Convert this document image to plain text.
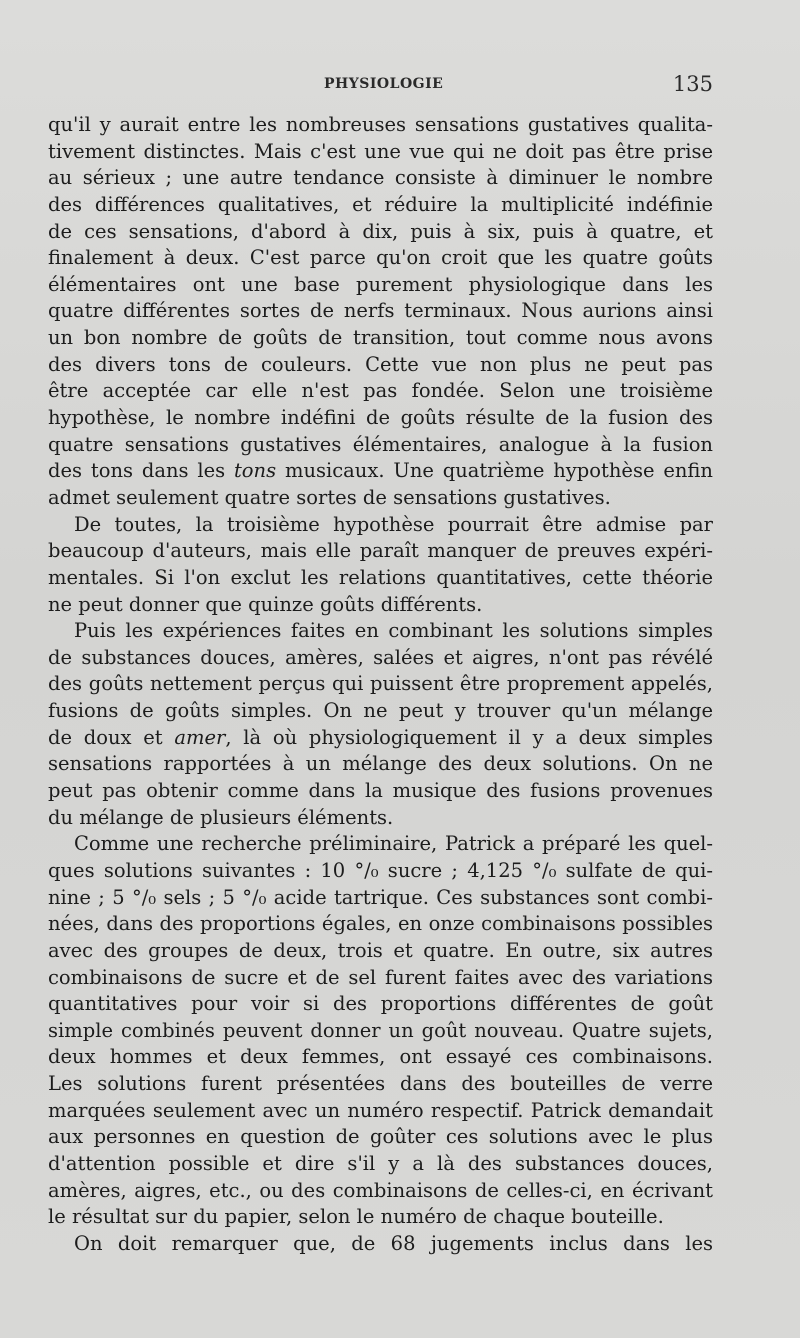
PHYSIOLOGIE	135
qu'il y aurait entre les nombreuses sensations gustatives qualita-
tivement distinctes. Mais c'est une vue qui ne doit pas être prise
au sérieux ; une autre tendance consiste à diminuer le nombre
des différences qualitatives, et réduire la multiplicité indéfinie
de ces sensations, d'abord à dix, puis à six, puis à quatre, et
finalement à deux. C'est parce qu'on croit que les quatre goûts
élémentaires ont une base purement physiologique dans les
quatre différentes sortes de nerfs terminaux. Nous aurions ainsi
un bon nombre de goûts de transition, tout comme nous avons
des divers tons de couleurs. Cette vue non plus ne peut pas
être acceptée car elle n'est pas fondée. Selon une troisième
hypothèse, le nombre indéfini de goûts résulte de la fusion des
quatre sensations gustatives élémentaires, analogue à la fusion
des tons dans les tons musicaux. Une quatrième hypothèse enfin
admet seulement quatre sortes de sensations gustatives.
De toutes, la troisième hypothèse pourrait être admise par
beaucoup d'auteurs, mais elle paraît manquer de preuves expéri-
mentales. Si l'on exclut les relations quantitatives, cette théorie
ne peut donner que quinze goûts différents.
Puis les expériences faites en combinant les solutions simples
de substances douces, amères, salées et aigres, n'ont pas révélé
des goûts nettement perçus qui puissent être proprement appelés,
fusions de goûts simples. On ne peut y trouver qu'un mélange
de doux et amer, là où physiologiquement il y a deux simples
sensations rapportées à un mélange des deux solutions. On ne
peut pas obtenir comme dans la musique des fusions provenues
du mélange de plusieurs éléments.
Comme une recherche préliminaire, Patrick a préparé les quel-
ques solutions suivantes : 10 °/₀ sucre ; 4,125 °/₀ sulfate de qui-
nine ; 5 °/₀ sels ; 5 °/₀ acide tartrique. Ces substances sont combi-
nées, dans des proportions égales, en onze combinaisons possibles
avec des groupes de deux, trois et quatre. En outre, six autres
combinaisons de sucre et de sel furent faites avec des variations
quantitatives pour voir si des proportions différentes de goût
simple combinés peuvent donner un goût nouveau. Quatre sujets,
deux hommes et deux femmes, ont essayé ces combinaisons.
Les solutions furent présentées dans des bouteilles de verre
marquées seulement avec un numéro respectif. Patrick demandait
aux personnes en question de goûter ces solutions avec le plus
d'attention possible et dire s'il y a là des substances douces,
amères, aigres, etc., ou des combinaisons de celles-ci, en écrivant
le résultat sur du papier, selon le numéro de chaque bouteille.
On doit remarquer que, de 68 jugements inclus dans les
